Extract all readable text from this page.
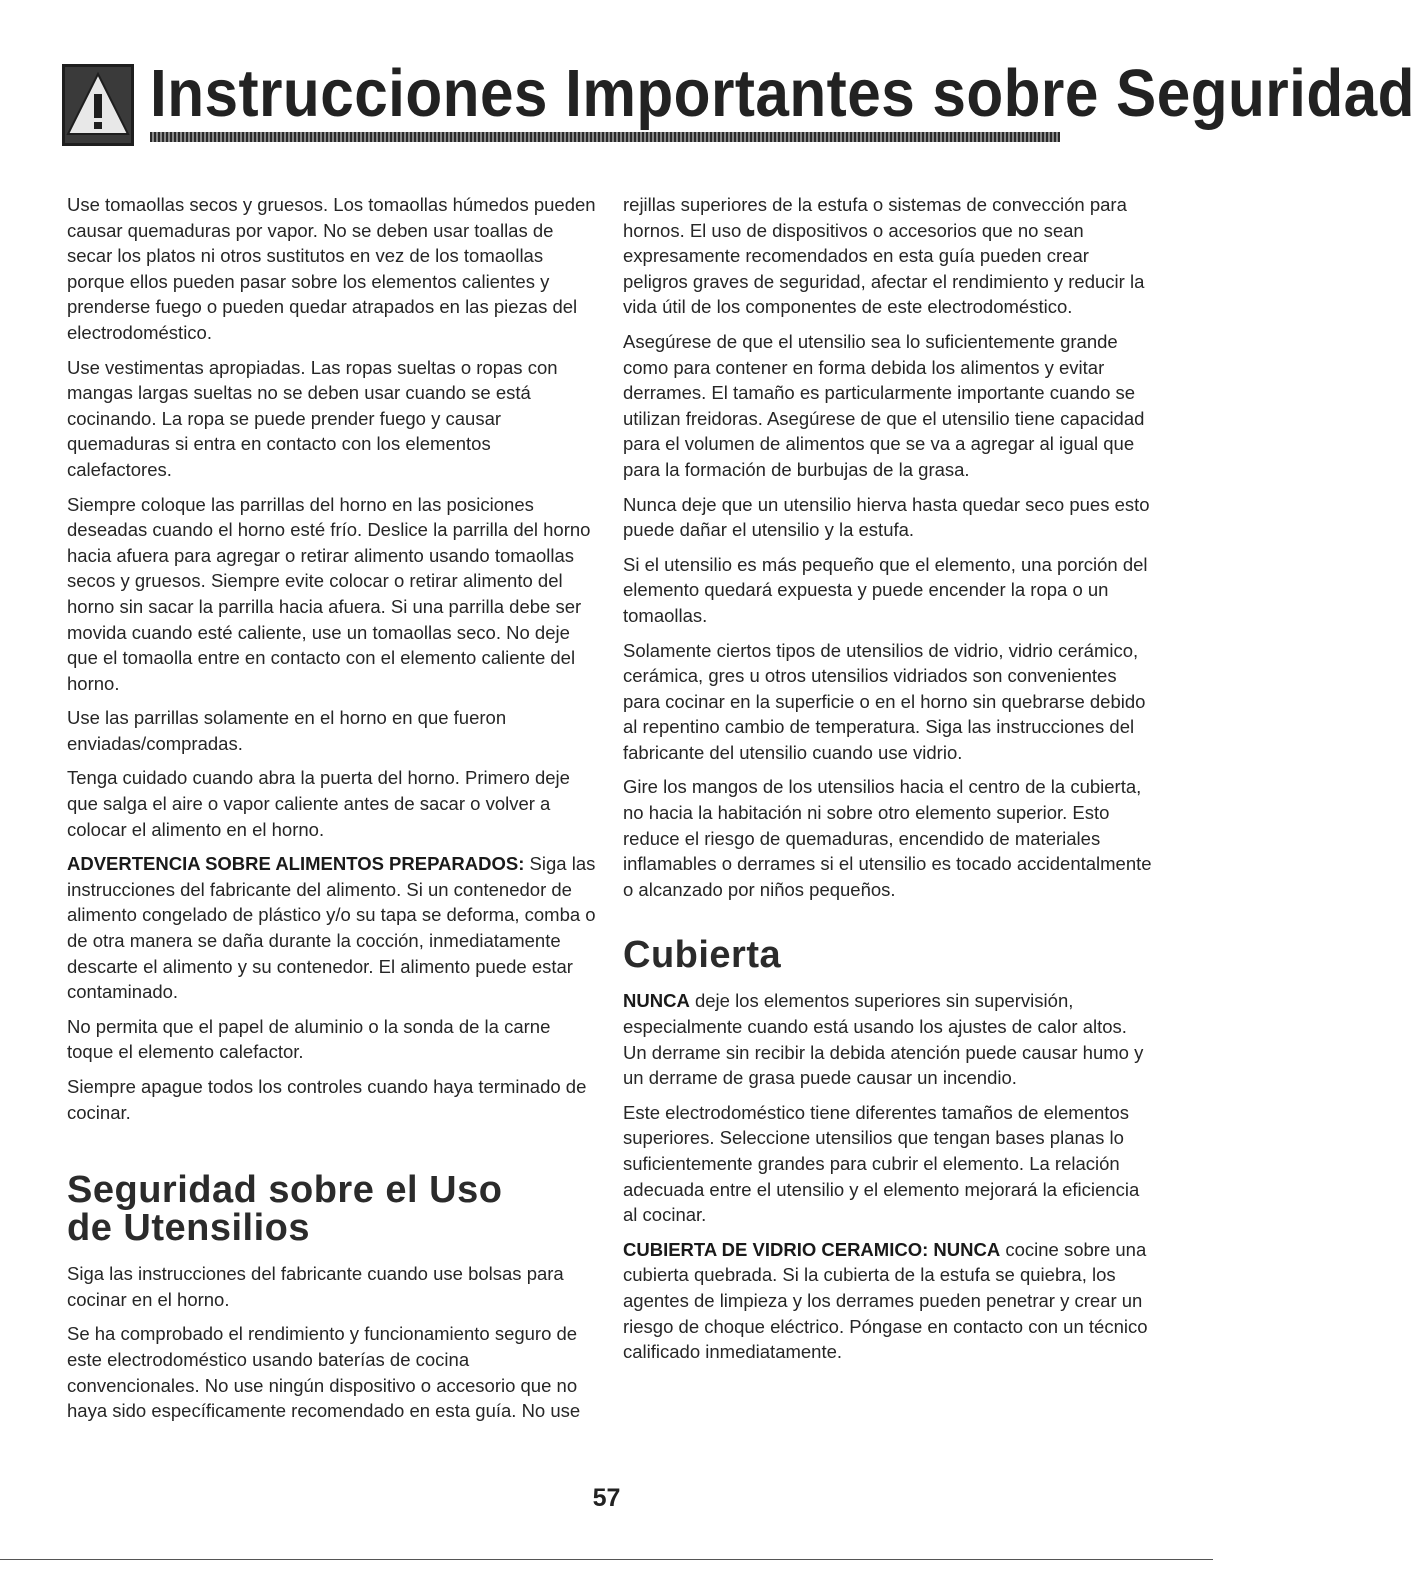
Instrucciones Importantes sobre Seguridad

Use tomaollas secos y gruesos. Los tomaollas húmedos pueden causar quemaduras por vapor. No se deben usar toallas de secar los platos ni otros sustitutos en vez de los tomaollas porque ellos pueden pasar sobre los elementos calientes y prenderse fuego o pueden quedar atrapados en las piezas del electrodoméstico.

Use vestimentas apropiadas. Las ropas sueltas o ropas con mangas largas sueltas no se deben usar cuando se está cocinando. La ropa se puede prender fuego y causar quemaduras si entra en contacto con los elementos calefactores.

Siempre coloque las parrillas del horno en las posiciones deseadas cuando el horno esté frío. Deslice la parrilla del horno hacia afuera para agregar o retirar alimento usando tomaollas secos y gruesos. Siempre evite colocar o retirar alimento del horno sin sacar la parrilla hacia afuera. Si una parrilla debe ser movida cuando esté caliente, use un tomaollas seco. No deje que el tomaolla entre en contacto con el elemento caliente del horno.

Use las parrillas solamente en el horno en que fueron enviadas/compradas.

Tenga cuidado cuando abra la puerta del horno. Primero deje que salga el aire o vapor caliente antes de sacar o volver a colocar el alimento en el horno.

ADVERTENCIA SOBRE ALIMENTOS PREPARADOS: Siga las instrucciones del fabricante del alimento. Si un contenedor de alimento congelado de plástico y/o su tapa se deforma, comba o de otra manera se daña durante la cocción, inmediatamente descarte el alimento y su contenedor. El alimento puede estar contaminado.

No permita que el papel de aluminio o la sonda de la carne toque el elemento calefactor.

Siempre apague todos los controles cuando haya terminado de cocinar.

Seguridad sobre el Uso
de Utensilios

Siga las instrucciones del fabricante cuando use bolsas para cocinar en el horno.

Se ha comprobado el rendimiento y funcionamiento seguro de este electrodoméstico usando baterías de cocina convencionales. No use ningún dispositivo o accesorio que no haya sido específicamente recomendado en esta guía. No use

rejillas superiores de la estufa o sistemas de convección para hornos. El uso de dispositivos o accesorios que no sean expresamente recomendados en esta guía pueden crear peligros graves de seguridad, afectar el rendimiento y reducir la vida útil de los componentes de este electrodoméstico.

Asegúrese de que el utensilio sea lo suficientemente grande como para contener en forma debida los alimentos y evitar derrames. El tamaño es particularmente importante cuando se utilizan freidoras. Asegúrese de que el utensilio tiene capacidad para el volumen de alimentos que se va a agregar al igual que para la formación de burbujas de la grasa.

Nunca deje que un utensilio hierva hasta quedar seco pues esto puede dañar el utensilio y la estufa.

Si el utensilio es más pequeño que el elemento, una porción del elemento quedará expuesta y puede encender la ropa o un tomaollas.

Solamente ciertos tipos de utensilios de vidrio, vidrio cerámico, cerámica, gres u otros utensilios vidriados son convenientes para cocinar en la superficie o en el horno sin quebrarse debido al repentino cambio de temperatura. Siga las instrucciones del fabricante del utensilio cuando use vidrio.

Gire los mangos de los utensilios hacia el centro de la cubierta, no hacia la habitación ni sobre otro elemento superior. Esto reduce el riesgo de quemaduras, encendido de materiales inflamables o derrames si el utensilio es tocado accidentalmente o alcanzado por niños pequeños.

Cubierta

NUNCA deje los elementos superiores sin supervisión, especialmente cuando está usando los ajustes de calor altos. Un derrame sin recibir la debida atención puede causar humo y un derrame de grasa puede causar un incendio.

Este electrodoméstico tiene diferentes tamaños de elementos superiores. Seleccione utensilios que tengan bases planas lo suficientemente grandes para cubrir el elemento. La relación adecuada entre el utensilio y el elemento mejorará la eficiencia al cocinar.

CUBIERTA DE VIDRIO CERAMICO: NUNCA cocine sobre una cubierta quebrada. Si la cubierta de la estufa se quiebra, los agentes de limpieza y los derrames pueden penetrar y crear un riesgo de choque eléctrico. Póngase en contacto con un técnico calificado inmediatamente.

57
